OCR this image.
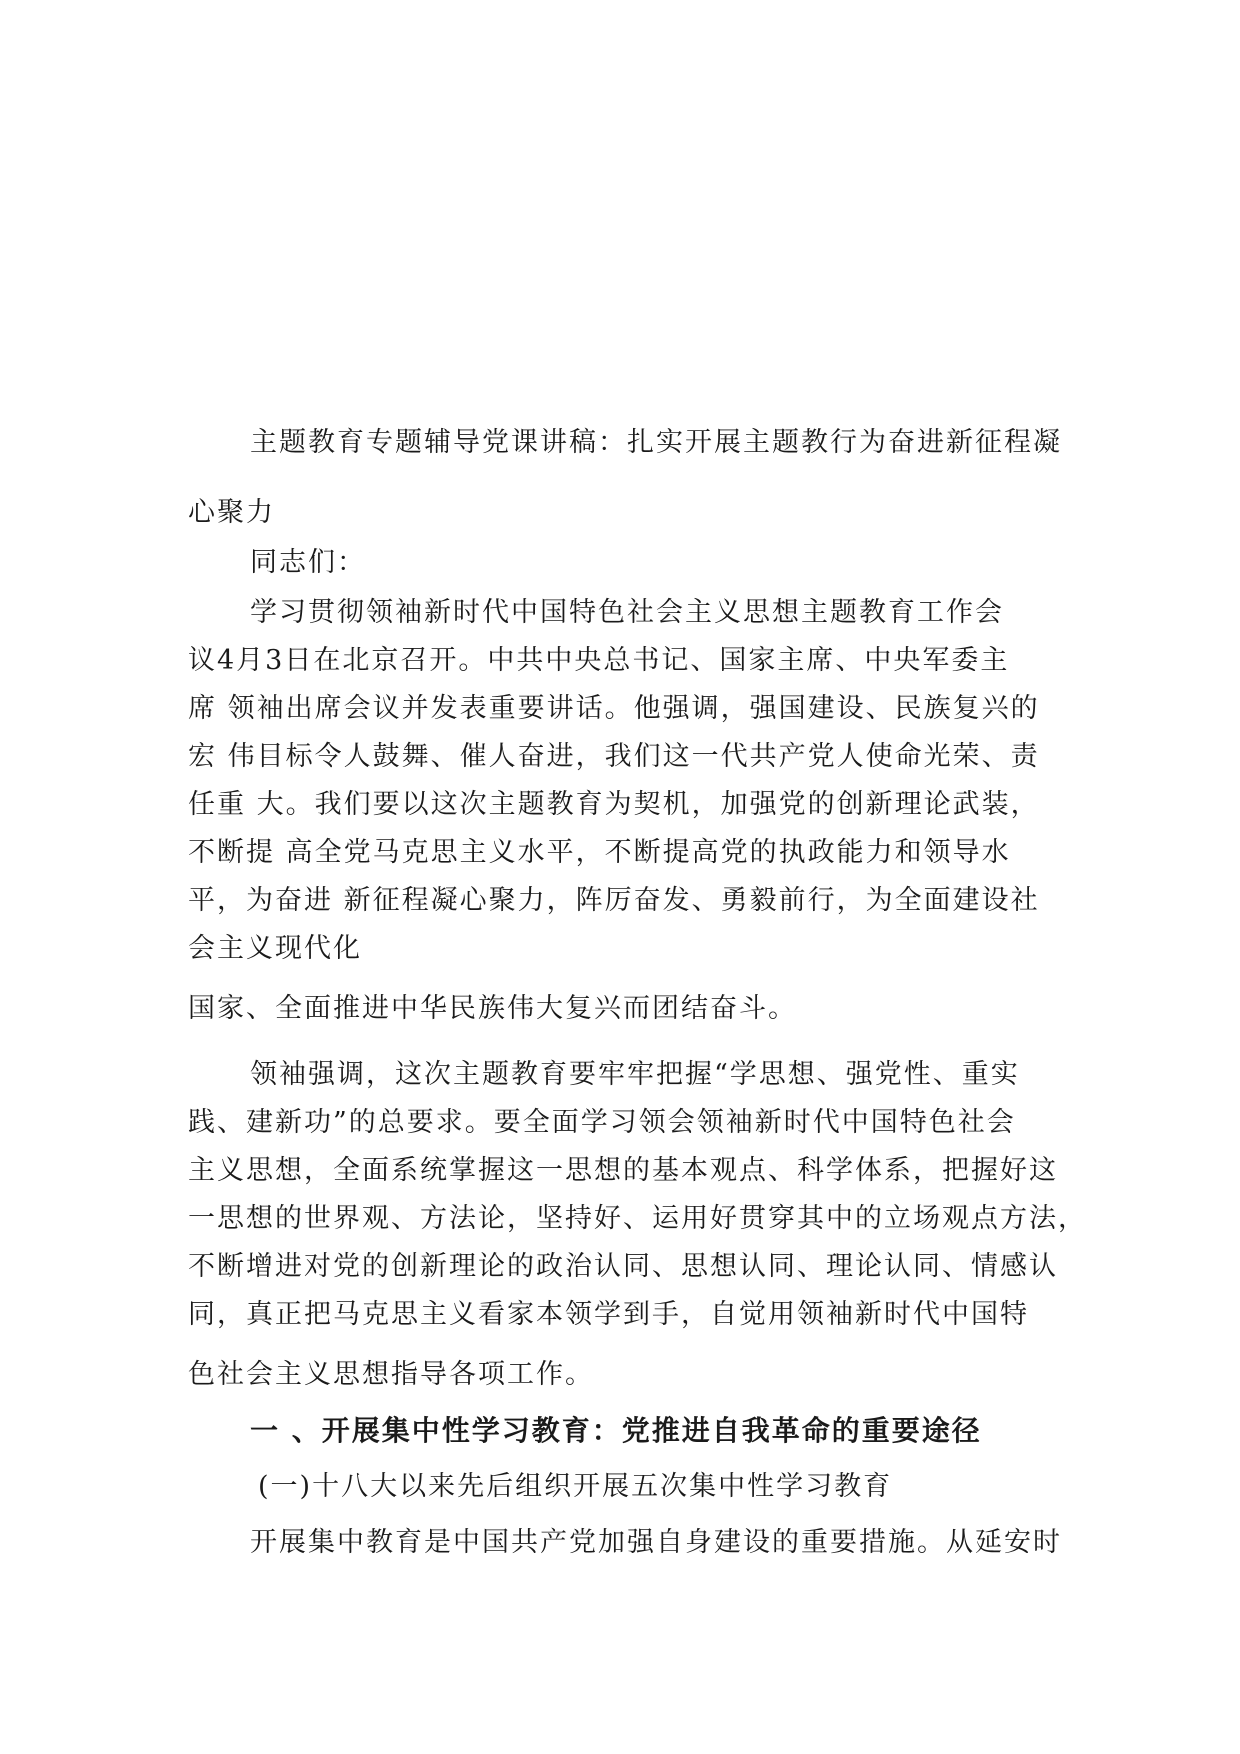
主题教育专题辅导党课讲稿：扎实开展主题教行为奋进新征程凝
心聚力
同志们：
学习贯彻领袖新时代中国特色社会主义思想主题教育工作会
议4月3日在北京召开。中共中央总书记、国家主席、中央军委主
席 领袖出席会议并发表重要讲话。他强调，强国建设、民族复兴的
宏 伟目标令人鼓舞、催人奋进，我们这一代共产党人使命光荣、责
任重 大。我们要以这次主题教育为契机，加强党的创新理论武装，
不断提 高全党马克思主义水平，不断提高党的执政能力和领导水
平，为奋进 新征程凝心聚力，阵厉奋发、勇毅前行，为全面建设社
会主义现代化
国家、全面推进中华民族伟大复兴而团结奋斗。
领袖强调，这次主题教育要牢牢把握“学思想、强党性、重实
践、建新功”的总要求。要全面学习领会领袖新时代中国特色社会
主义思想，全面系统掌握这一思想的基本观点、科学体系，把握好这
一思想的世界观、方法论，坚持好、运用好贯穿其中的立场观点方法，
不断增进对党的创新理论的政治认同、思想认同、理论认同、情感认
同，真正把马克思主义看家本领学到手，自觉用领袖新时代中国特
色社会主义思想指导各项工作。
一 、开展集中性学习教育：党推进自我革命的重要途径
(一)十八大以来先后组织开展五次集中性学习教育
开展集中教育是中国共产党加强自身建设的重要措施。从延安时
